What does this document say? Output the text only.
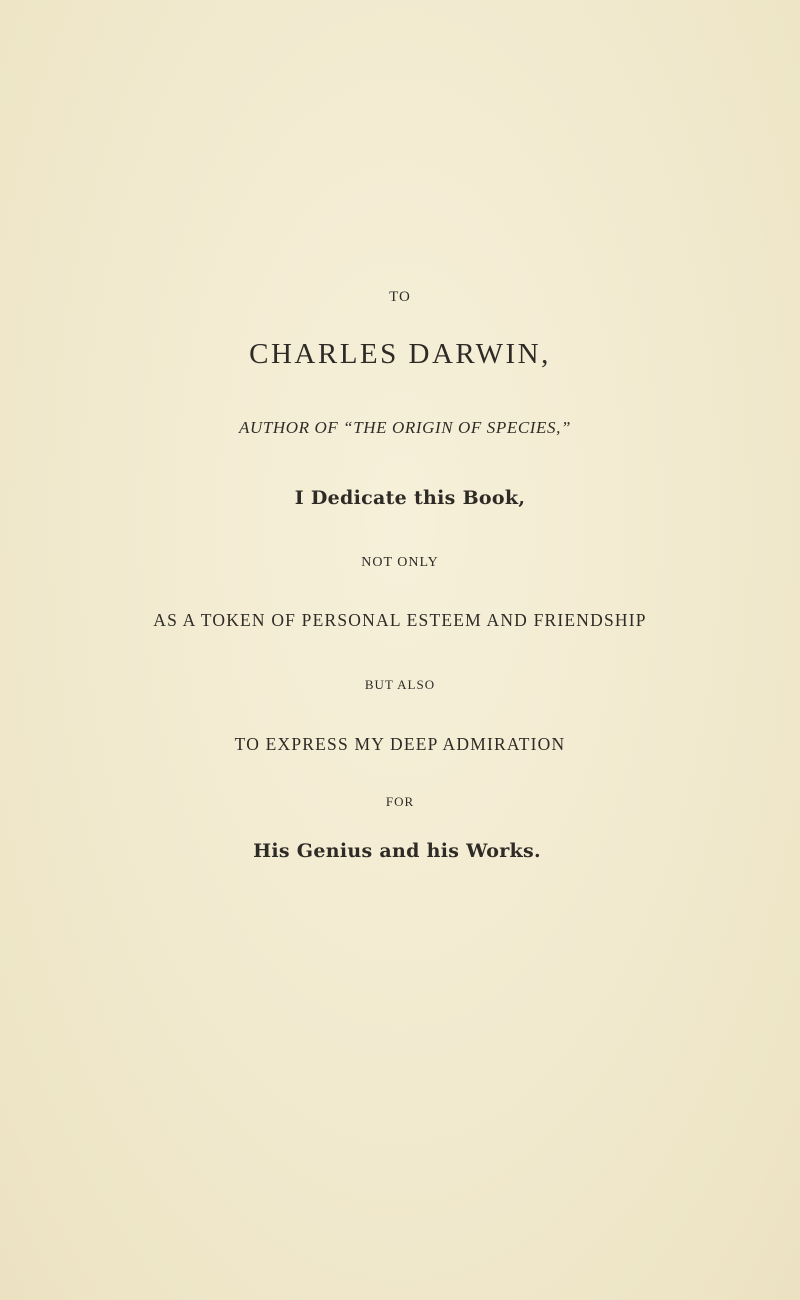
TO
CHARLES DARWIN,
AUTHOR OF “THE ORIGIN OF SPECIES,”
I Dedicate this Book,
NOT ONLY
AS A TOKEN OF PERSONAL ESTEEM AND FRIENDSHIP
BUT ALSO
TO EXPRESS MY DEEP ADMIRATION
FOR
His Genius and his Works.
